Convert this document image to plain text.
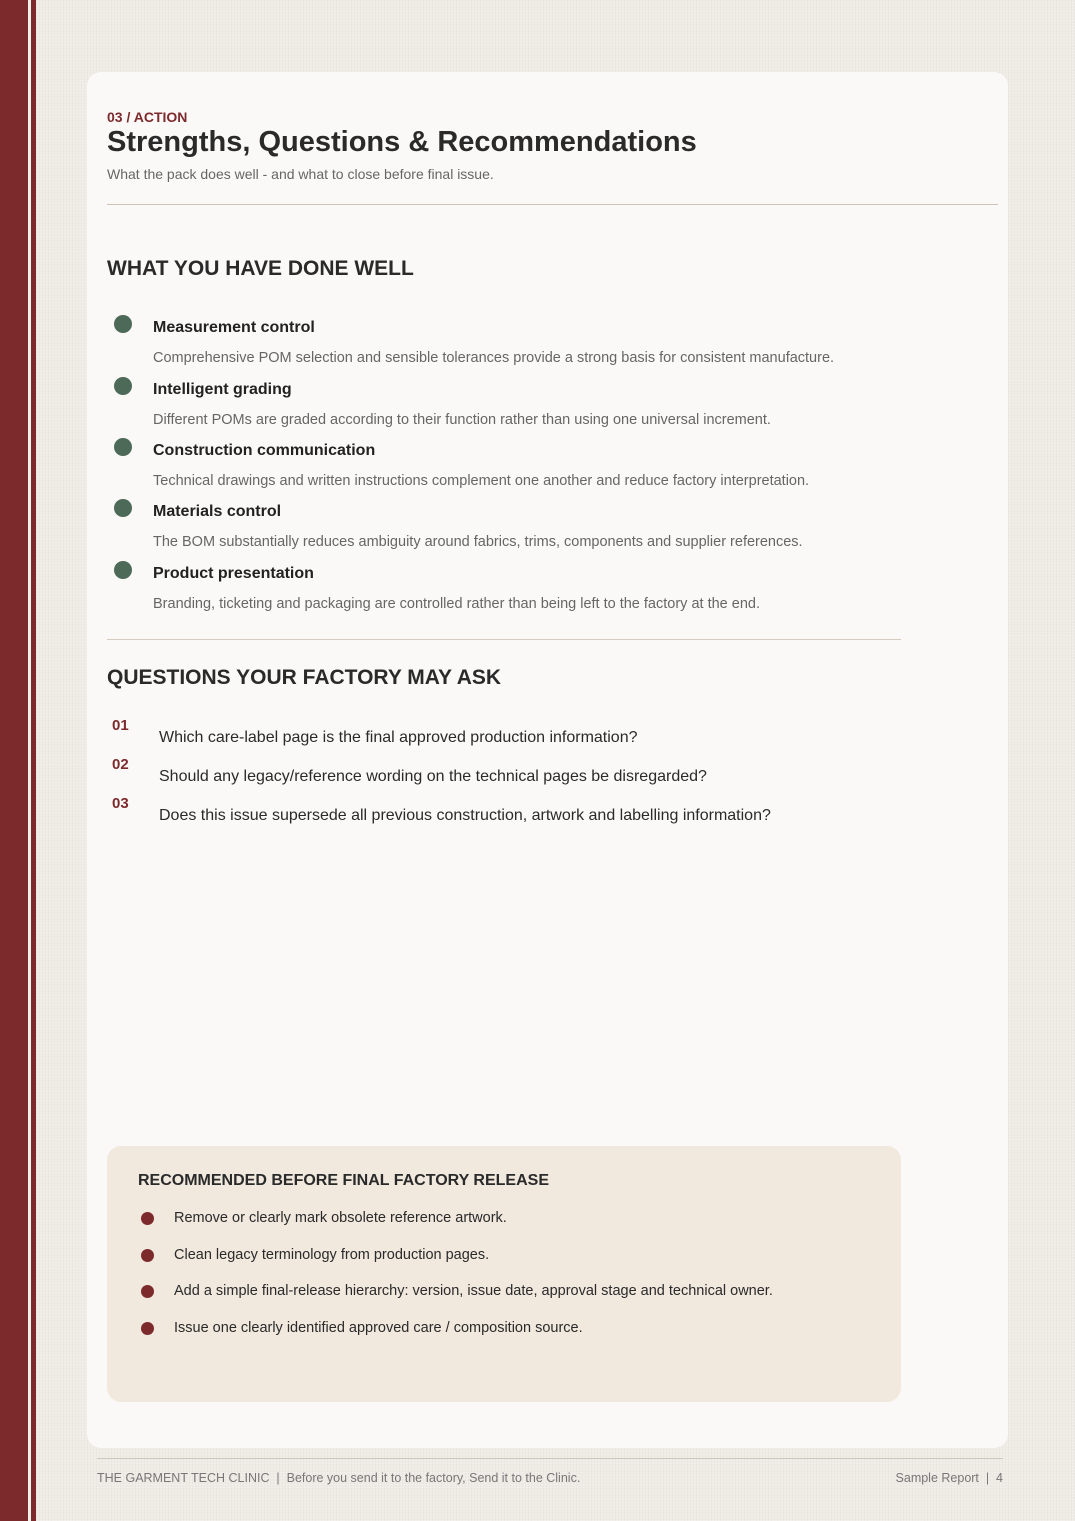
03 / ACTION
Strengths, Questions & Recommendations
What the pack does well - and what to close before final issue.
WHAT YOU HAVE DONE WELL
Measurement control
Comprehensive POM selection and sensible tolerances provide a strong basis for consistent manufacture.
Intelligent grading
Different POMs are graded according to their function rather than using one universal increment.
Construction communication
Technical drawings and written instructions complement one another and reduce factory interpretation.
Materials control
The BOM substantially reduces ambiguity around fabrics, trims, components and supplier references.
Product presentation
Branding, ticketing and packaging are controlled rather than being left to the factory at the end.
QUESTIONS YOUR FACTORY MAY ASK
01
Which care-label page is the final approved production information?
02
Should any legacy/reference wording on the technical pages be disregarded?
03
Does this issue supersede all previous construction, artwork and labelling information?
RECOMMENDED BEFORE FINAL FACTORY RELEASE
Remove or clearly mark obsolete reference artwork.
Clean legacy terminology from production pages.
Add a simple final-release hierarchy: version, issue date, approval stage and technical owner.
Issue one clearly identified approved care / composition source.
THE GARMENT TECH CLINIC  |  Before you send it to the factory, Send it to the Clinic.	Sample Report  |  4
